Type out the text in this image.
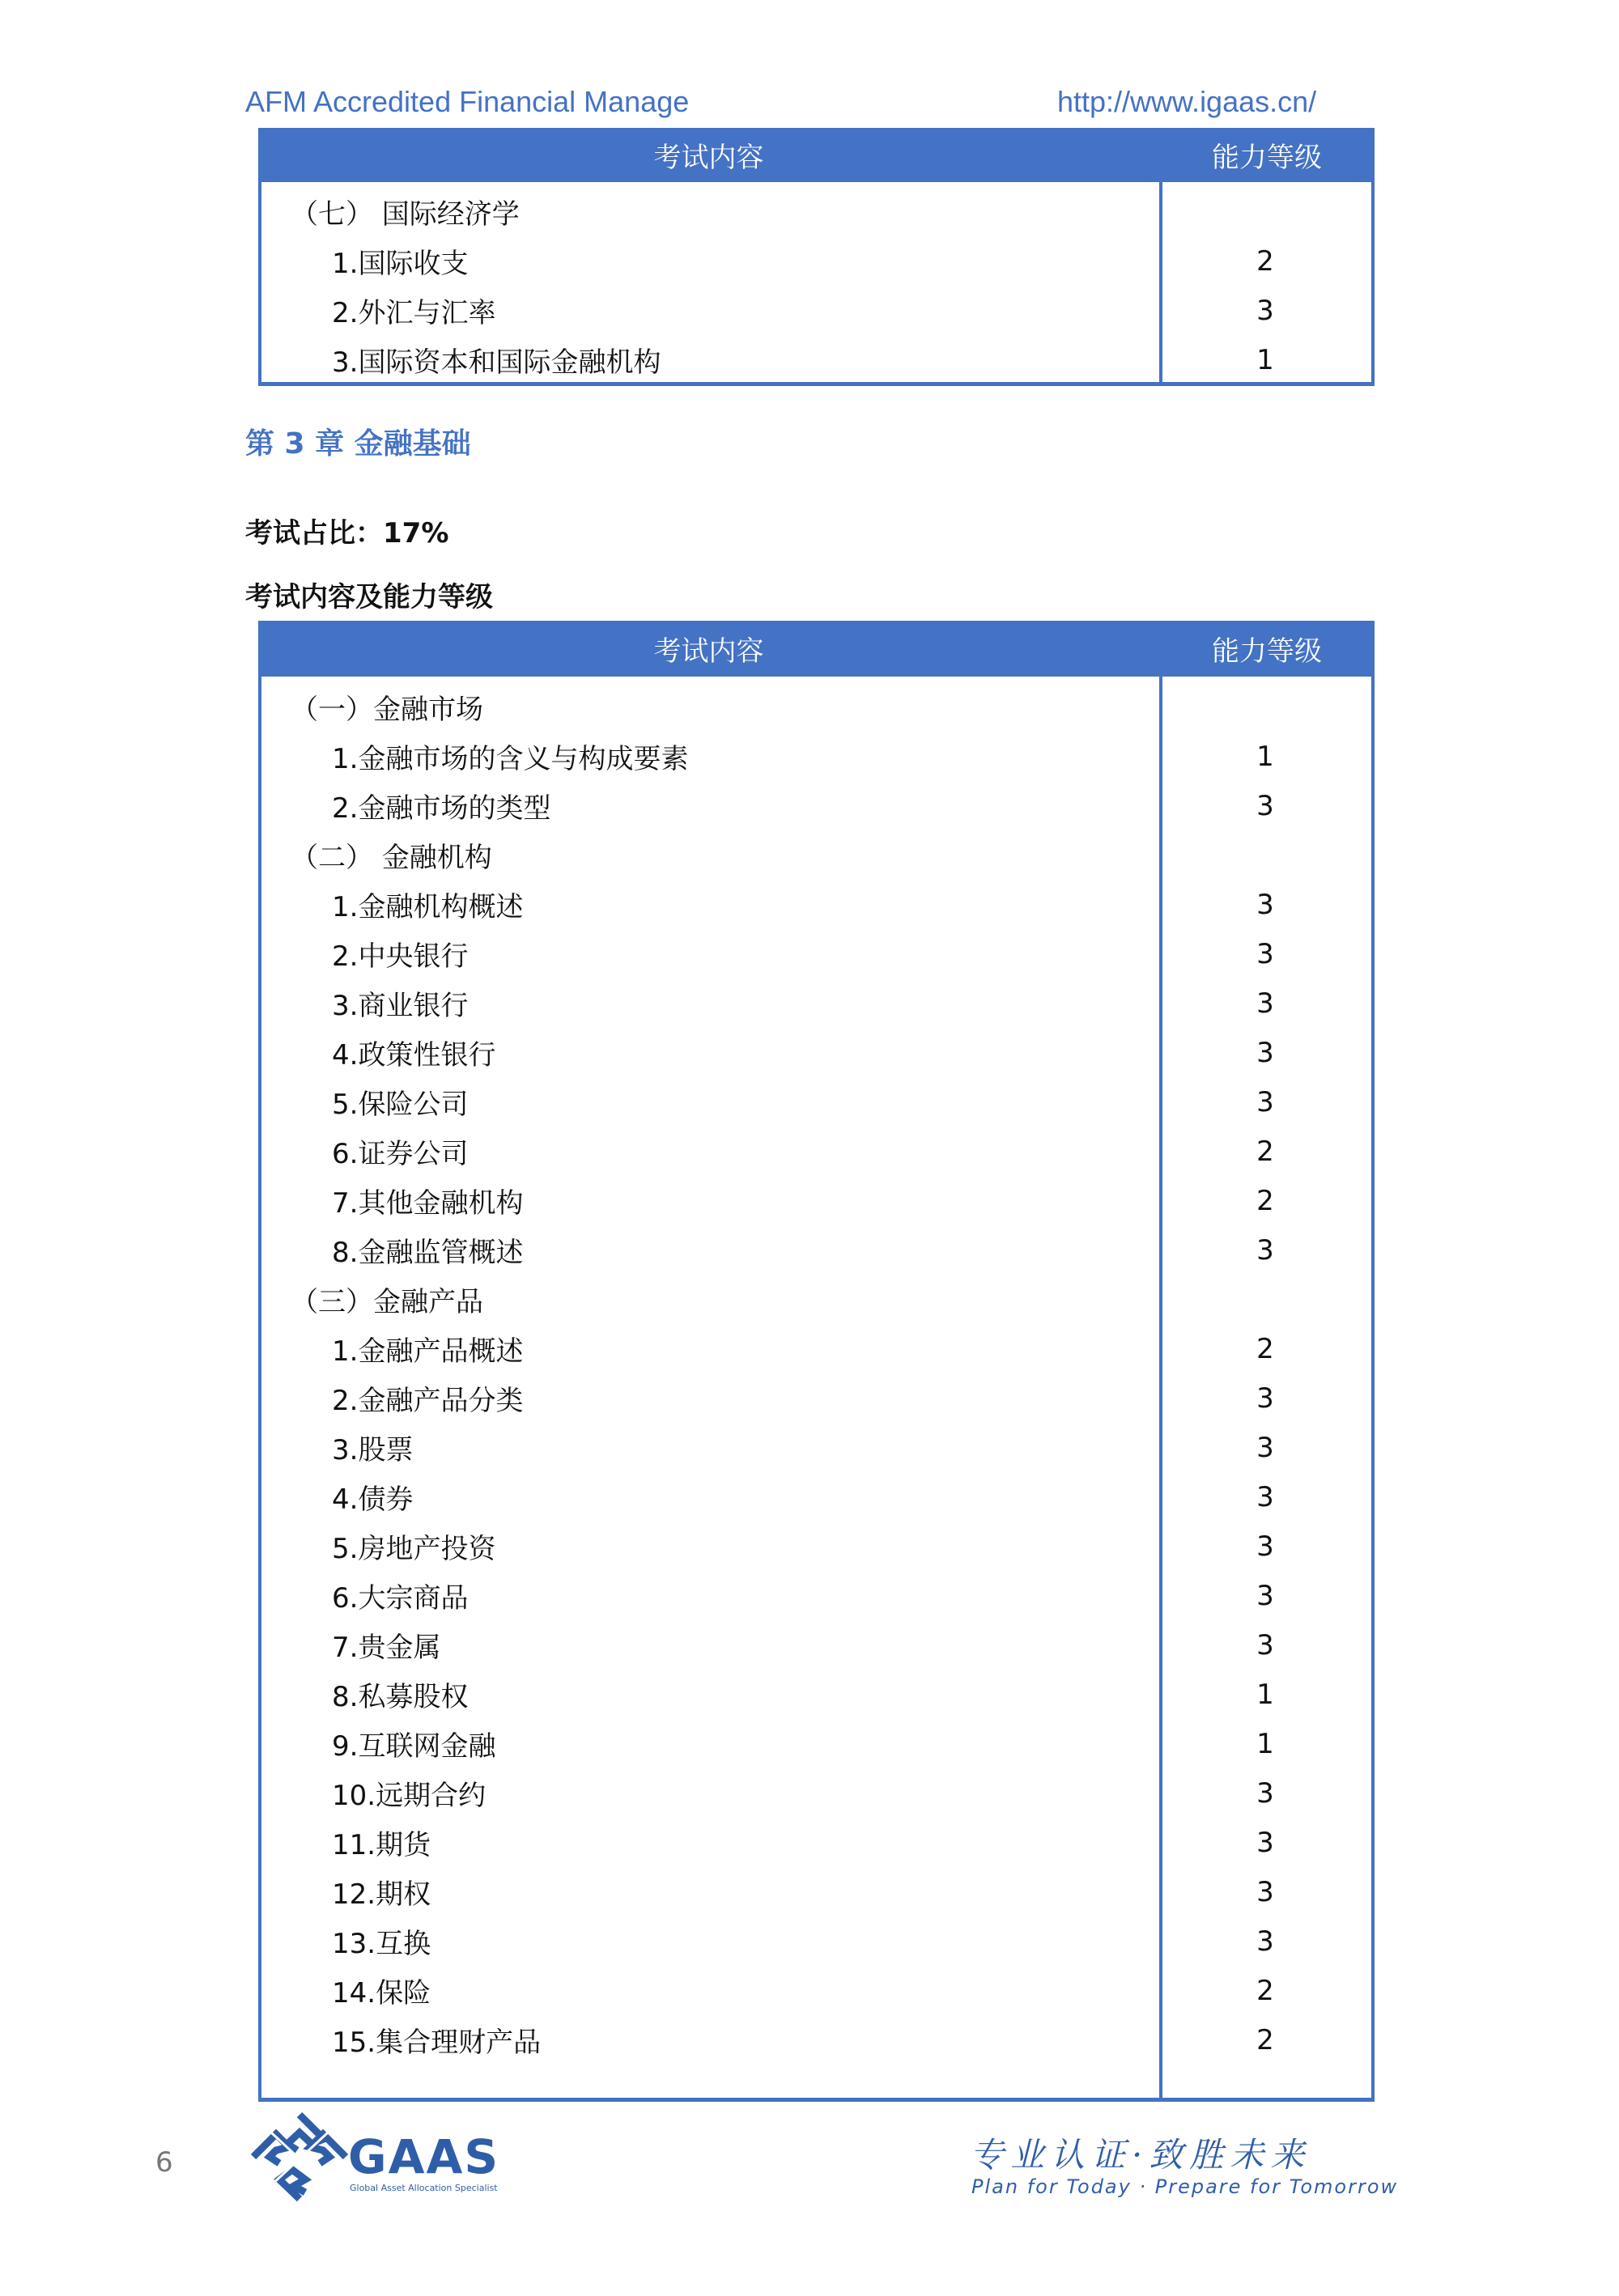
AFM Accredited Financial Manage	http://www.igaas.cn/
考试内容	能力等级
（七） 国际经济学
1.国际收支	2
2.外汇与汇率	3
3.国际资本和国际金融机构	1
第 3 章 金融基础
考试占比：17%
考试内容及能力等级
考试内容	能力等级
（一）金融市场
1.金融市场的含义与构成要素	1
2.金融市场的类型	3
（二） 金融机构
1.金融机构概述	3
2.中央银行	3
3.商业银行	3
4.政策性银行	3
5.保险公司	3
6.证券公司	2
7.其他金融机构	2
8.金融监管概述	3
（三）金融产品
1.金融产品概述	2
2.金融产品分类	3
3.股票	3
4.债券	3
5.房地产投资	3
6.大宗商品	3
7.贵金属	3
8.私募股权	1
9.互联网金融	1
10.远期合约	3
11.期货	3
12.期权	3
13.互换	3
14.保险	2
15.集合理财产品	2
6	GAAS
Global Asset Allocation Specialist
专业认证·致胜未来
Plan for Today · Prepare for Tomorrow
